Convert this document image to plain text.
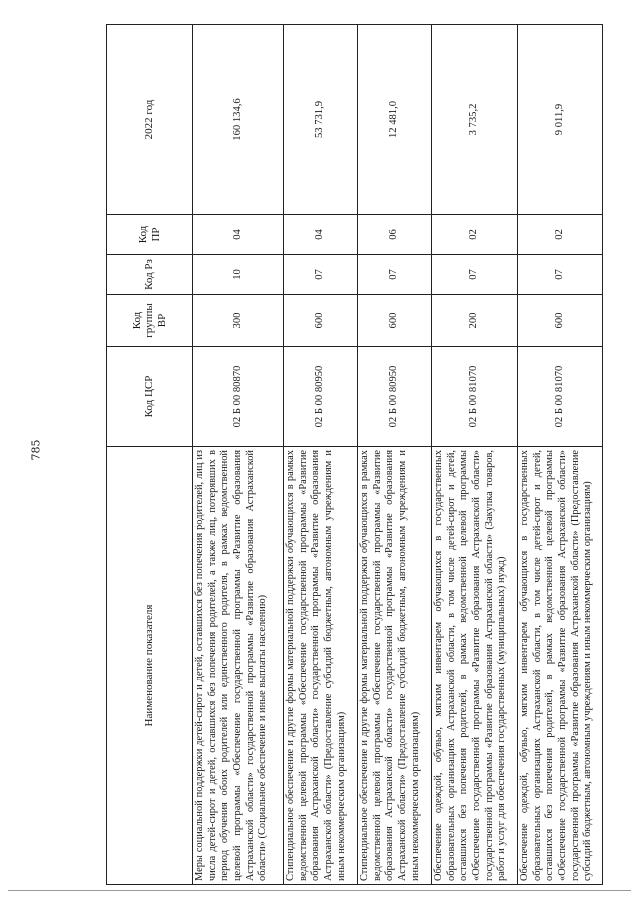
785
Наименование показателя	Код ЦСР	Код группы ВР	Код Рз	Код ПР	2022 год
Меры социальной поддержки детей-сирот и детей, оставшихся без попечения родителей, лиц из числа детей-сирот и детей, оставшихся без попечения родителей, а также лиц, потерявших в период обучения обоих родителей или единственного родителя, в рамках ведомственной целевой программы «Обеспечение государственной программы «Развитие образования Астраханской области» государственной программы «Развитие образования Астраханской области» (Социальное обеспечение и иные выплаты населению)	02 Б 00 80870	300	10	04	160 134,6
Стипендиальное обеспечение и другие формы материальной поддержки обучающихся в рамках ведомственной целевой программы «Обеспечение государственной программы «Развитие образования Астраханской области» государственной программы «Развитие образования Астраханской области» (Предоставление субсидий бюджетным, автономным учреждениям и иным некоммерческим организациям)	02 Б 00 80950	600	07	04	53 731,9
Стипендиальное обеспечение и другие формы материальной поддержки обучающихся в рамках ведомственной целевой программы «Обеспечение государственной программы «Развитие образования Астраханской области» государственной программы «Развитие образования Астраханской области» (Предоставление субсидий бюджетным, автономным учреждениям и иным некоммерческим организациям)	02 Б 00 80950	600	07	06	12 481,0
Обеспечение одеждой, обувью, мягким инвентарем обучающихся в государственных образовательных организациях Астраханской области, в том числе детей-сирот и детей, оставшихся без попечения родителей, в рамках ведомственной целевой программы «Обеспечение государственной программы «Развитие образования Астраханской области» государственной программы «Развитие образования Астраханской области» (Закупка товаров, работ и услуг для обеспечения государственных (муниципальных) нужд)	02 Б 00 81070	200	07	02	3 735,2
Обеспечение одеждой, обувью, мягким инвентарем обучающихся в государственных образовательных организациях Астраханской области, в том числе детей-сирот и детей, оставшихся без попечения родителей, в рамках ведомственной целевой программы «Обеспечение государственной программы «Развитие образования Астраханской области» государственной программы «Развитие образования Астраханской области» (Предоставление субсидий бюджетным, автономным учреждениям и иным некоммерческим организациям)	02 Б 00 81070	600	07	02	9 011,9
